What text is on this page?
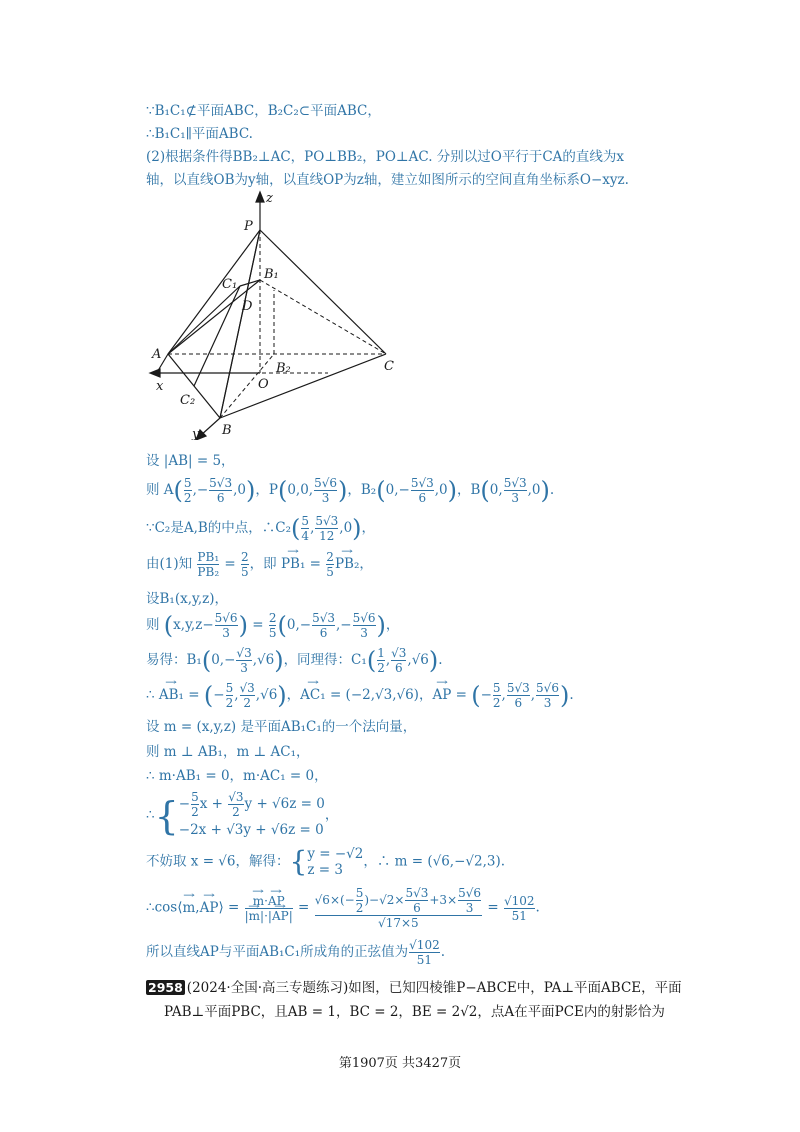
∵B₁C₁⊄平面ABC，B₂C₂⊂平面ABC，
∴B₁C₁∥平面ABC.
(2)根据条件得BB₂⊥AC，PO⊥BB₂，PO⊥AC. 分别以过O平行于CA的直线为x
轴，以直线OB为y轴，以直线OP为z轴，建立如图所示的空间直角坐标系O−xyz.
z
P
B₁
C₁
D
A
C
O
B₂
x
C₂
B
y
设 |AB| = 5，
则 $A( \frac{5}{2}$ ,− $\frac{5√3}{6} ,0$)，P(0,0, $\frac{5√6}{3}$ )，$B_2(0,- \frac{5√3}{6} ,0)$，B(0, $\frac{5√3}{3} ,0$).
∵C₂是A,B的中点，∴C₂( $\frac{5}{4}$ , $\frac{5√3}{12} ,0$)，
由(1)知 $\frac{\text{PB₁}}{\text{PB₂}} = \frac{2}{5}$ ，即 → $PB_1 = \frac{2}{5}$
→ PB₂，
设B₁(x,y,z)，
则 ($x,y,z- \frac{5√6}{3}$ ) = $\frac{2}{5} (0,- \frac{5√3}{6}$ ,− $\frac{5√6}{3}$ )，
易得：$B_1(0,- \frac{√3}{3} ,√6)$，同理得：$C_1( \frac{1}{2}$ , $\frac{√3}{6} ,√6$).
∴ → AB₁ = (− $\frac{5}{2}$ , $\frac{√3}{2} ,√6$)，→ AC₁ = (−2,√3,√6)，→ AP = (− $\frac{5}{2}$ , $\frac{5√3}{6}$ , $\frac{5√6}{3}$ ).
设 m = (x,y,z) 是平面AB₁C₁的一个法向量，
则 m ⊥ AB₁，m ⊥ AC₁，
∴ m·AB₁ = 0，m·AC₁ = 0，
∴{ − $\frac{5}{2}$ $x + \frac{√3}{2}$ y + √6z = 0
−2x + √3y + √6z = 0
，
不妨取 x = √6，解得：{ y = −√2
z = 3
，∴ m = (√6,−√2,3).
∴cos⟨→ m,→ AP⟩ =
→ $\frac{m\cdot\to AP}{|\to m|\cdot|\to AP|} = \frac{√6\times(- \frac{5}{2} )-√2\times \frac{5√3}{6} +3\times \frac{5√6}{3}}{√17\times 5} = \frac{√102}{51}$ .
所以直线AP与平面AB₁C₁所成角的正弦值为 $\frac{√102}{51}$ .
2958 (2024·全国·高三专题练习)如图，已知四棱锥P−ABCE中，PA⊥平面ABCE，平面
PAB⊥平面PBC，且AB = 1，BC = 2，BE = 2√2，点A在平面PCE内的射影恰为
第1907页 共3427页
